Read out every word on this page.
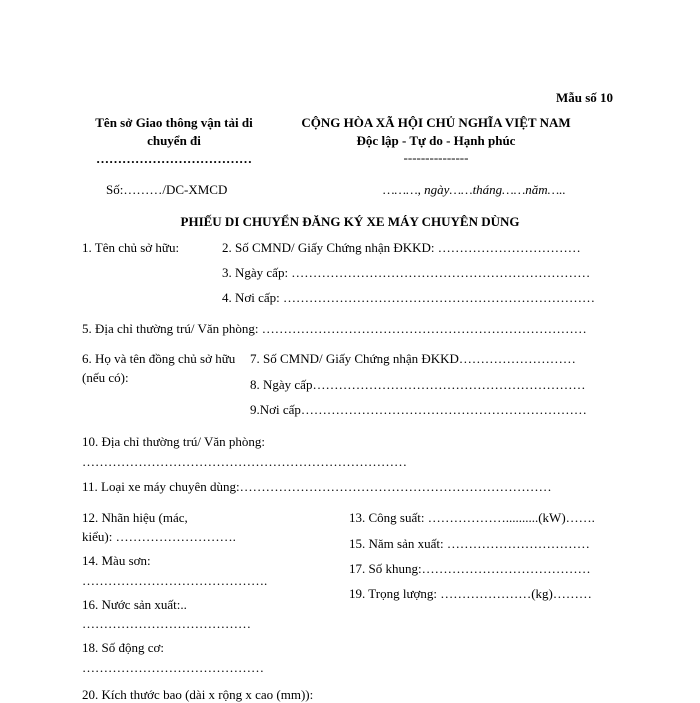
Mẫu số 10
Tên sở Giao thông vận tải di
chuyển đi
………………………………
CỘNG HÒA XÃ HỘI CHỦ NGHĨA VIỆT NAM
Độc lập - Tự do - Hạnh phúc
---------------
Số:………/DC-XMCD	………, ngày……tháng……năm…..
PHIẾU DI CHUYỂN ĐĂNG KÝ XE MÁY CHUYÊN DÙNG
1. Tên chủ sở hữu:	2. Số CMND/ Giấy Chứng nhận ĐKKD: ……………………………
3. Ngày cấp: ……………………………………………………………
4. Nơi cấp: ………………………………………………………………
5. Địa chỉ thường trú/ Văn phòng: …………………………………………………………………
6. Họ và tên đồng chủ sở hữu
(nếu có):
7. Số CMND/ Giấy Chứng nhận ĐKKD………………………
8. Ngày cấp………………………………………………………
9.Nơi cấp…………………………………………………………
10. Địa chỉ thường trú/ Văn phòng:
…………………………………………………………………
11. Loại xe máy chuyên dùng:………………………………………………………………
12. Nhãn hiệu (mác,
kiểu): ……………………….
13. Công suất: ………………..........(kW)…….
14. Màu sơn:
…………………………………….
15. Năm sản xuất: ……………………………
16. Nước sản xuất:..
…………………………………
17. Số khung:…………………………………
19. Trọng lượng: …………………(kg)………
18. Số động cơ:
……………………………………
20. Kích thước bao (dài x rộng x cao (mm)):
